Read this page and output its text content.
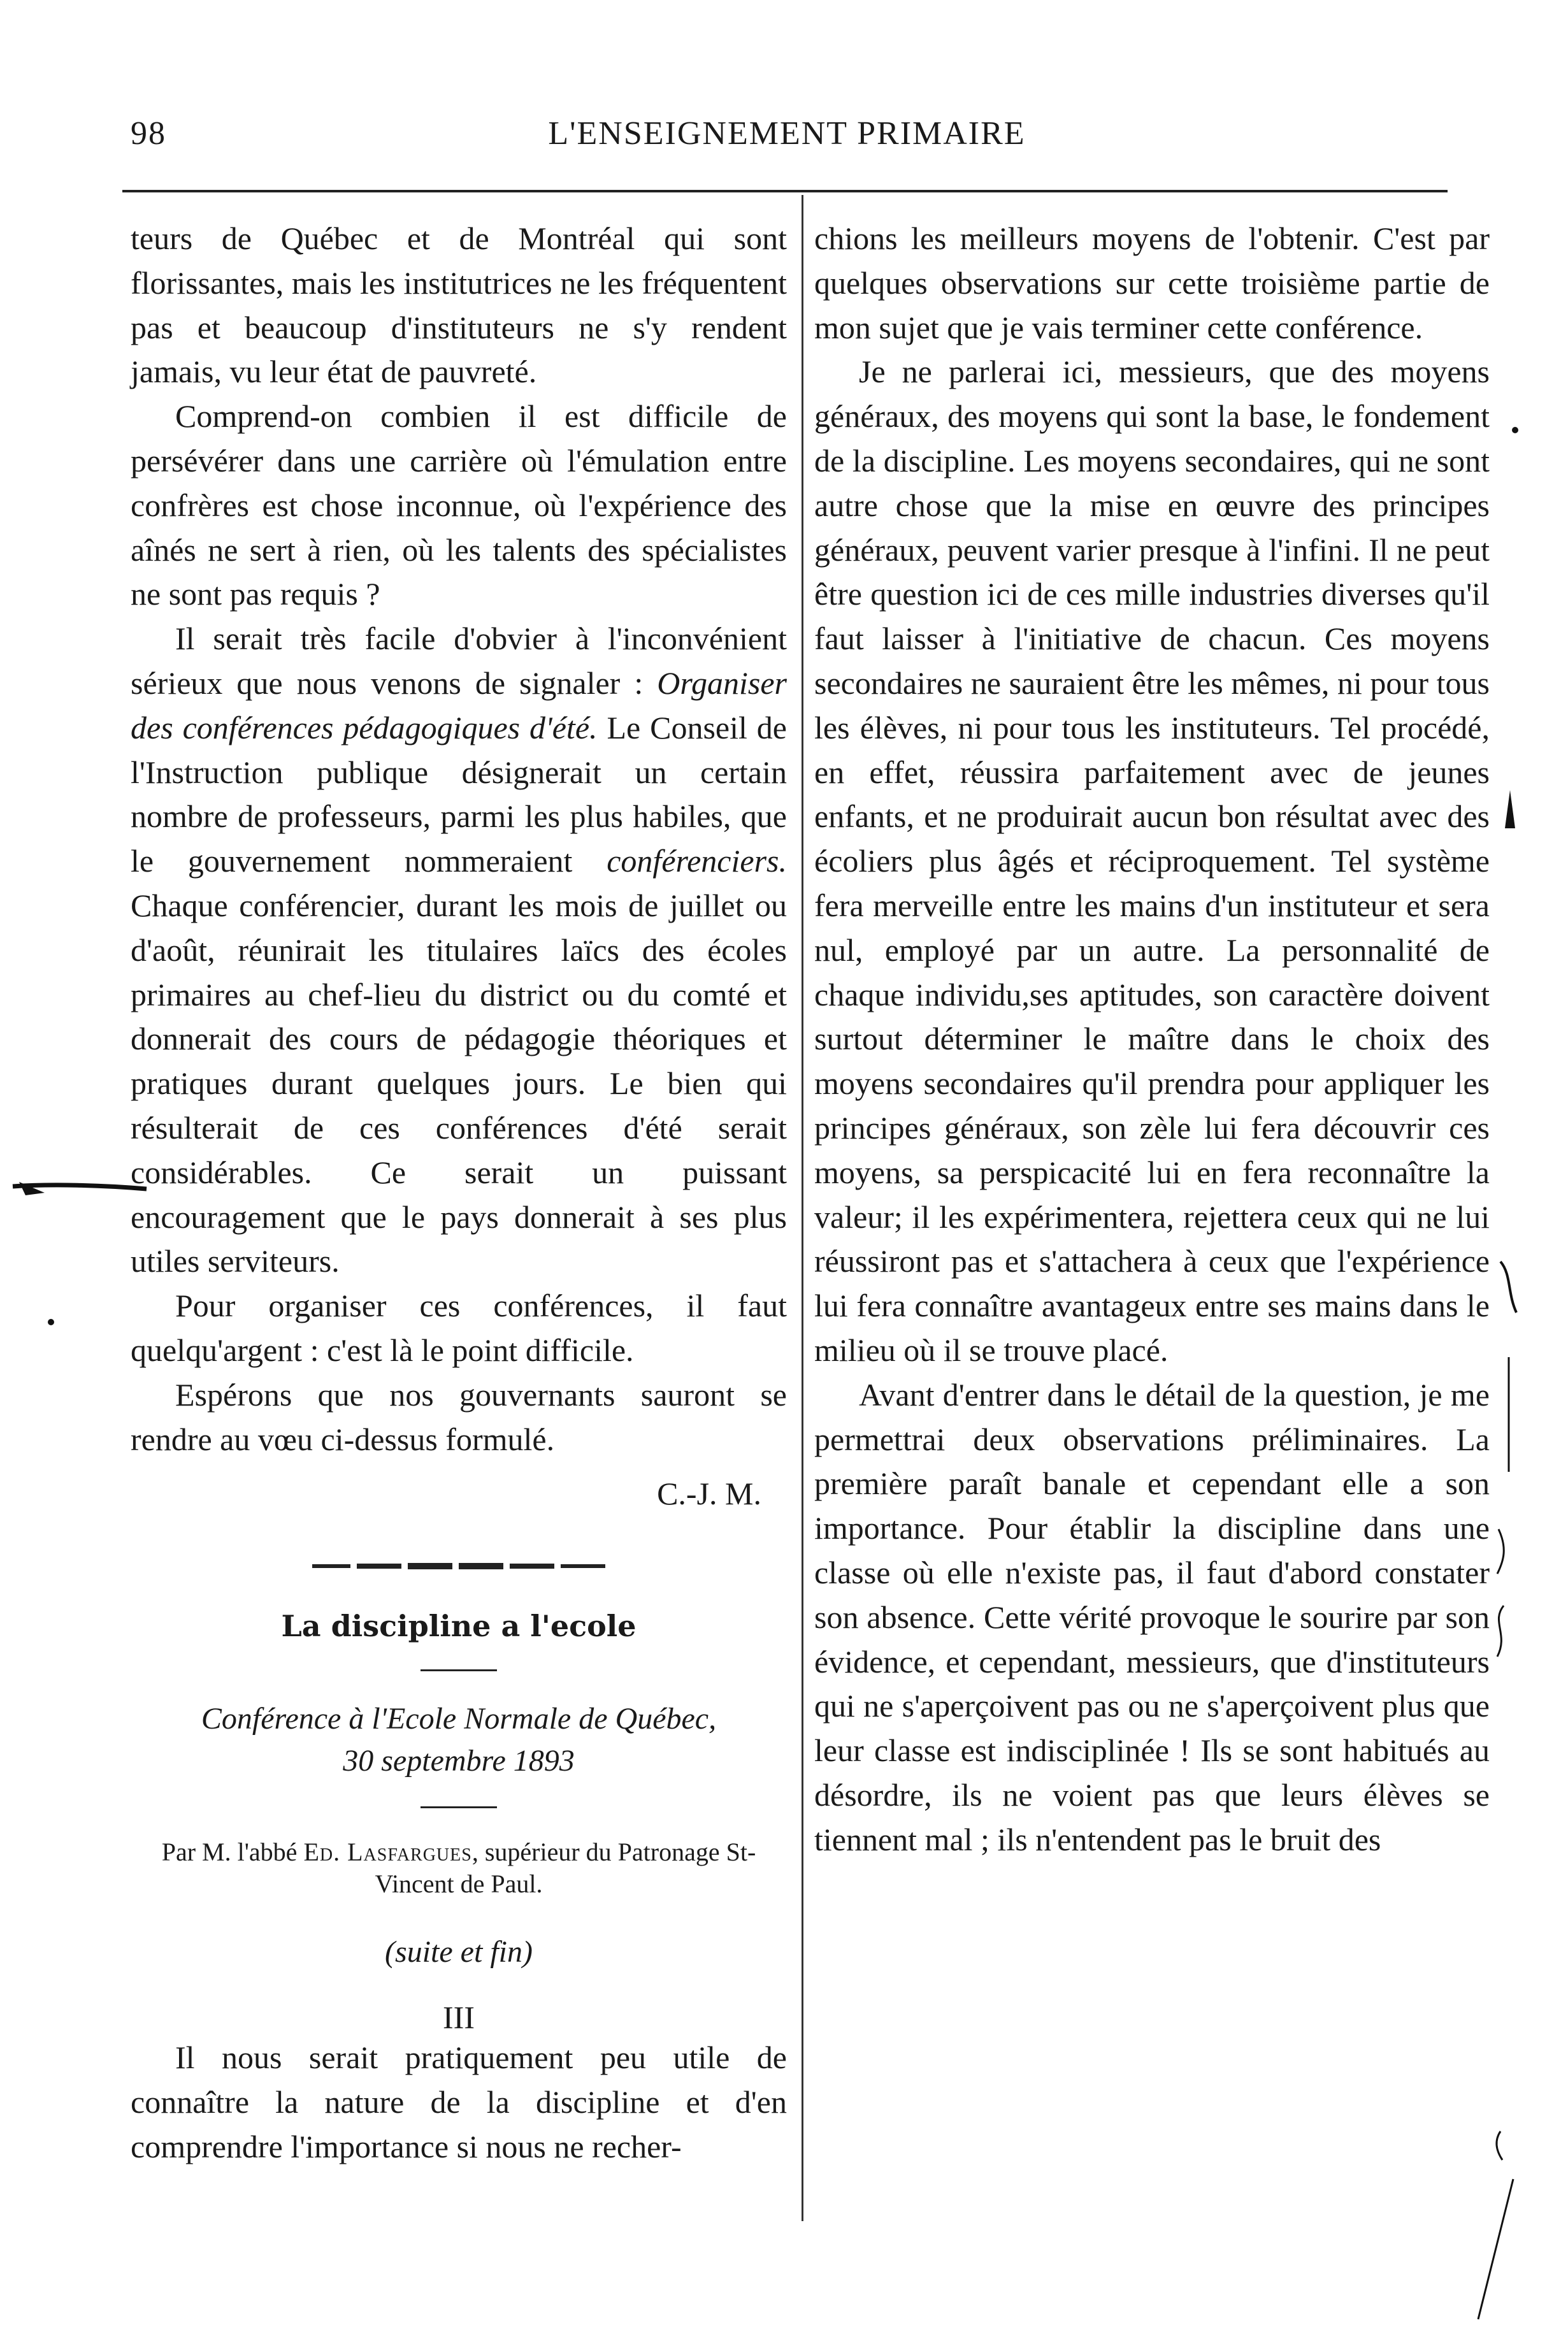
98	L'ENSEIGNEMENT PRIMAIRE

teurs de Québec et de Montréal qui sont florissantes, mais les institutrices ne les fréquentent pas et beaucoup d'instituteurs ne s'y rendent jamais, vu leur état de pauvreté.

Comprend-on combien il est difficile de persévérer dans une carrière où l'émulation entre confrères est chose inconnue, où l'expérience des aînés ne sert à rien, où les talents des spécialistes ne sont pas requis ?

Il serait très facile d'obvier à l'inconvénient sérieux que nous venons de signaler : Organiser des conférences pédagogiques d'été. Le Conseil de l'Instruction publique désignerait un certain nombre de professeurs, parmi les plus habiles, que le gouvernement nommeraient conférenciers. Chaque conférencier, durant les mois de juillet ou d'août, réunirait les titulaires laïcs des écoles primaires au chef-lieu du district ou du comté et donnerait des cours de pédagogie théoriques et pratiques durant quelques jours. Le bien qui résulterait de ces conférences d'été serait considérables. Ce serait un puissant encouragement que le pays donnerait à ses plus utiles serviteurs.

Pour organiser ces conférences, il faut quelqu'argent : c'est là le point difficile.

Espérons que nos gouvernants sauront se rendre au vœu ci-dessus formulé.

C.-J. M.
La discipline a l'ecole
Conférence à l'Ecole Normale de Québec,
30 septembre 1893
Par M. l'abbé Ed. Lasfargues, supérieur du Patronage St-Vincent de Paul.
(suite et fin)
III

Il nous serait pratiquement peu utile de connaître la nature de la discipline et d'en comprendre l'importance si nous ne recher-

chions les meilleurs moyens de l'obtenir. C'est par quelques observations sur cette troisième partie de mon sujet que je vais terminer cette conférence.

Je ne parlerai ici, messieurs, que des moyens généraux, des moyens qui sont la base, le fondement de la discipline. Les moyens secondaires, qui ne sont autre chose que la mise en œuvre des principes généraux, peuvent varier presque à l'infini. Il ne peut être question ici de ces mille industries diverses qu'il faut laisser à l'initiative de chacun. Ces moyens secondaires ne sauraient être les mêmes, ni pour tous les élèves, ni pour tous les instituteurs. Tel procédé, en effet, réussira parfaitement avec de jeunes enfants, et ne produirait aucun bon résultat avec des écoliers plus âgés et réciproquement. Tel système fera merveille entre les mains d'un instituteur et sera nul, employé par un autre. La personnalité de chaque individu,ses aptitudes, son caractère doivent surtout déterminer le maître dans le choix des moyens secondaires qu'il prendra pour appliquer les principes généraux, son zèle lui fera découvrir ces moyens, sa perspicacité lui en fera reconnaître la valeur; il les expérimentera, rejettera ceux qui ne lui réussiront pas et s'attachera à ceux que l'expérience lui fera connaître avantageux entre ses mains dans le milieu où il se trouve placé.

Avant d'entrer dans le détail de la question, je me permettrai deux observations préliminaires. La première paraît banale et cependant elle a son importance. Pour établir la discipline dans une classe où elle n'existe pas, il faut d'abord constater son absence. Cette vérité provoque le sourire par son évidence, et cependant, messieurs, que d'instituteurs qui ne s'aperçoivent pas ou ne s'aperçoivent plus que leur classe est indisciplinée ! Ils se sont habitués au désordre, ils ne voient pas que leurs élèves se tiennent mal ; ils n'entendent pas le bruit des
